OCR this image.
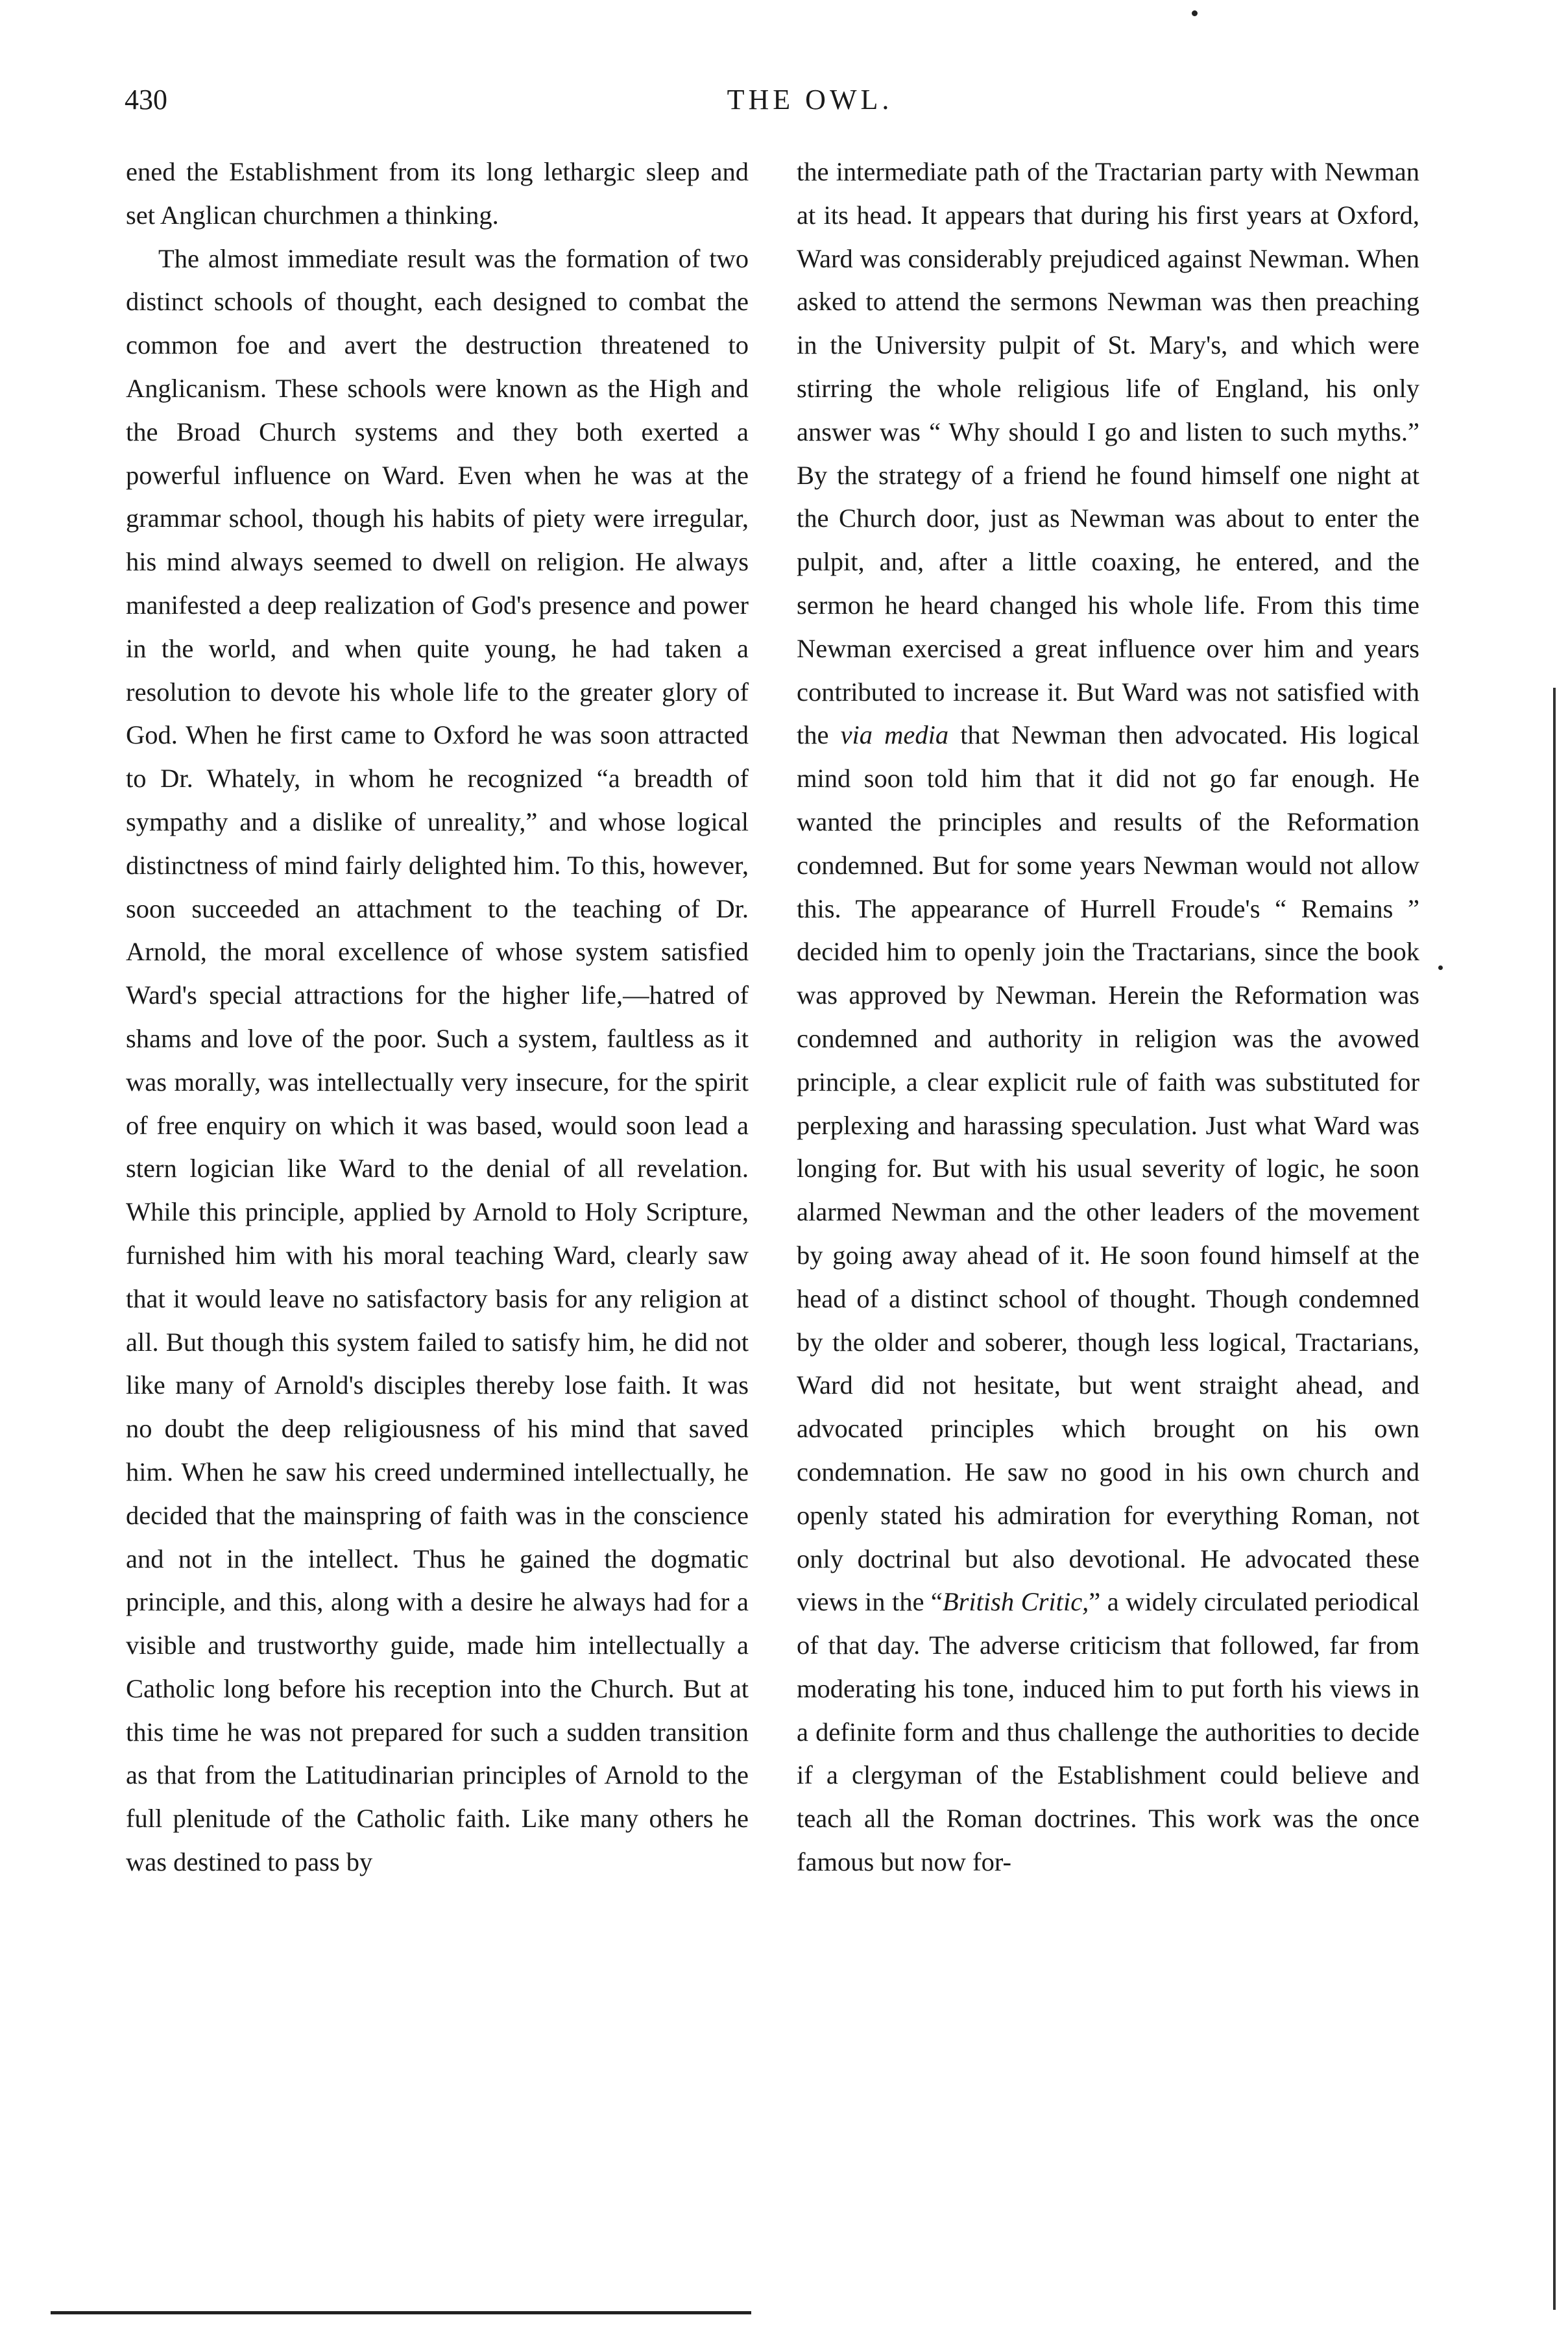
430	THE OWL.

ened the Establishment from its long lethargic sleep and set Anglican churchmen a thinking.

The almost immediate result was the formation of two distinct schools of thought, each designed to combat the common foe and avert the destruction threatened to Anglicanism. These schools were known as the High and the Broad Church systems and they both exerted a powerful influence on Ward. Even when he was at the grammar school, though his habits of piety were irregular, his mind always seemed to dwell on religion. He always manifested a deep realization of God's presence and power in the world, and when quite young, he had taken a resolution to devote his whole life to the greater glory of God. When he first came to Oxford he was soon attracted to Dr. Whately, in whom he recognized “a breadth of sympathy and a dislike of unreality,” and whose logical distinctness of mind fairly delighted him. To this, however, soon succeeded an attachment to the teaching of Dr. Arnold, the moral excellence of whose system satisfied Ward's special attractions for the higher life,—hatred of shams and love of the poor. Such a system, faultless as it was morally, was intellectually very insecure, for the spirit of free enquiry on which it was based, would soon lead a stern logician like Ward to the denial of all revelation. While this principle, applied by Arnold to Holy Scripture, furnished him with his moral teaching Ward, clearly saw that it would leave no satisfactory basis for any religion at all. But though this system failed to satisfy him, he did not like many of Arnold's disciples thereby lose faith. It was no doubt the deep religiousness of his mind that saved him. When he saw his creed undermined intellectually, he decided that the mainspring of faith was in the conscience and not in the intellect. Thus he gained the dogmatic principle, and this, along with a desire he always had for a visible and trustworthy guide, made him intellectually a Catholic long before his reception into the Church. But at this time he was not prepared for such a sudden transition as that from the Latitudinarian principles of Arnold to the full plenitude of the Catholic faith. Like many others he was destined to pass by

the intermediate path of the Tractarian party with Newman at its head. It appears that during his first years at Oxford, Ward was considerably prejudiced against Newman. When asked to attend the sermons Newman was then preaching in the University pulpit of St. Mary's, and which were stirring the whole religious life of England, his only answer was “ Why should I go and listen to such myths.” By the strategy of a friend he found himself one night at the Church door, just as Newman was about to enter the pulpit, and, after a little coaxing, he entered, and the sermon he heard changed his whole life. From this time Newman exercised a great influence over him and years contributed to increase it. But Ward was not satisfied with the via media that Newman then advocated. His logical mind soon told him that it did not go far enough. He wanted the principles and results of the Reformation condemned. But for some years Newman would not allow this. The appearance of Hurrell Froude's “ Remains ” decided him to openly join the Tractarians, since the book was approved by Newman. Herein the Reformation was condemned and authority in religion was the avowed principle, a clear explicit rule of faith was substituted for perplexing and harassing speculation. Just what Ward was longing for. But with his usual severity of logic, he soon alarmed Newman and the other leaders of the movement by going away ahead of it. He soon found himself at the head of a distinct school of thought. Though condemned by the older and soberer, though less logical, Tractarians, Ward did not hesitate, but went straight ahead, and advocated principles which brought on his own condemnation. He saw no good in his own church and openly stated his admiration for everything Roman, not only doctrinal but also devotional. He advocated these views in the “British Critic,” a widely circulated periodical of that day. The adverse criticism that followed, far from moderating his tone, induced him to put forth his views in a definite form and thus challenge the authorities to decide if a clergyman of the Establishment could believe and teach all the Roman doctrines. This work was the once famous but now for-
